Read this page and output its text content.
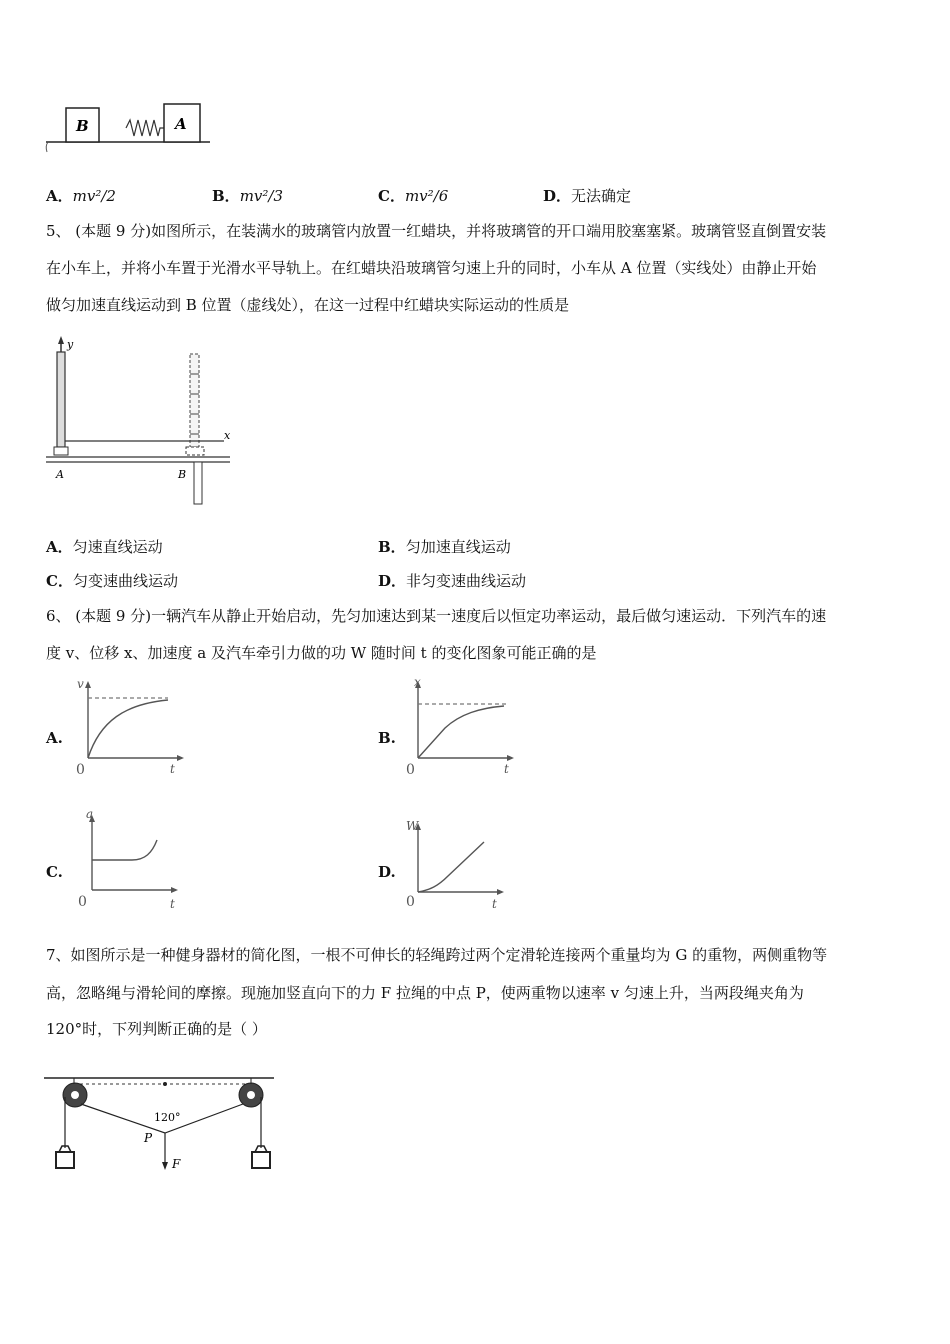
B	A
A．mv²/2	B．mv²/3	C．mv²/6	D．无法确定
5、 (本题 9 分)如图所示，在装满水的玻璃管内放置一红蜡块，并将玻璃管的开口端用胶塞塞紧。玻璃管竖直倒置安装
在小车上，并将小车置于光滑水平导轨上。在红蜡块沿玻璃管匀速上升的同时，小车从 A 位置（实线处）由静止开始
做匀加速直线运动到 B 位置（虚线处），在这一过程中红蜡块实际运动的性质是
y
x
A	B
A．匀速直线运动	B．匀加速直线运动
C．匀变速曲线运动	D．非匀变速曲线运动
6、 (本题 9 分)一辆汽车从静止开始启动，先匀加速达到某一速度后以恒定功率运动，最后做匀速运动．下列汽车的速
度 v、位移 x、加速度 a 及汽车牵引力做的功 W 随时间 t 的变化图象可能正确的是
A.
v
t
0
B.
x
t
0
C.
a
t
0
D.
W
t
0
7、如图所示是一种健身器材的简化图，一根不可伸长的轻绳跨过两个定滑轮连接两个重量均为 G 的重物，两侧重物等
高，忽略绳与滑轮间的摩擦。现施加竖直向下的力 F 拉绳的中点 P，使两重物以速率 v 匀速上升，当两段绳夹角为
120°时，下列判断正确的是（ ）
120°
P
F
